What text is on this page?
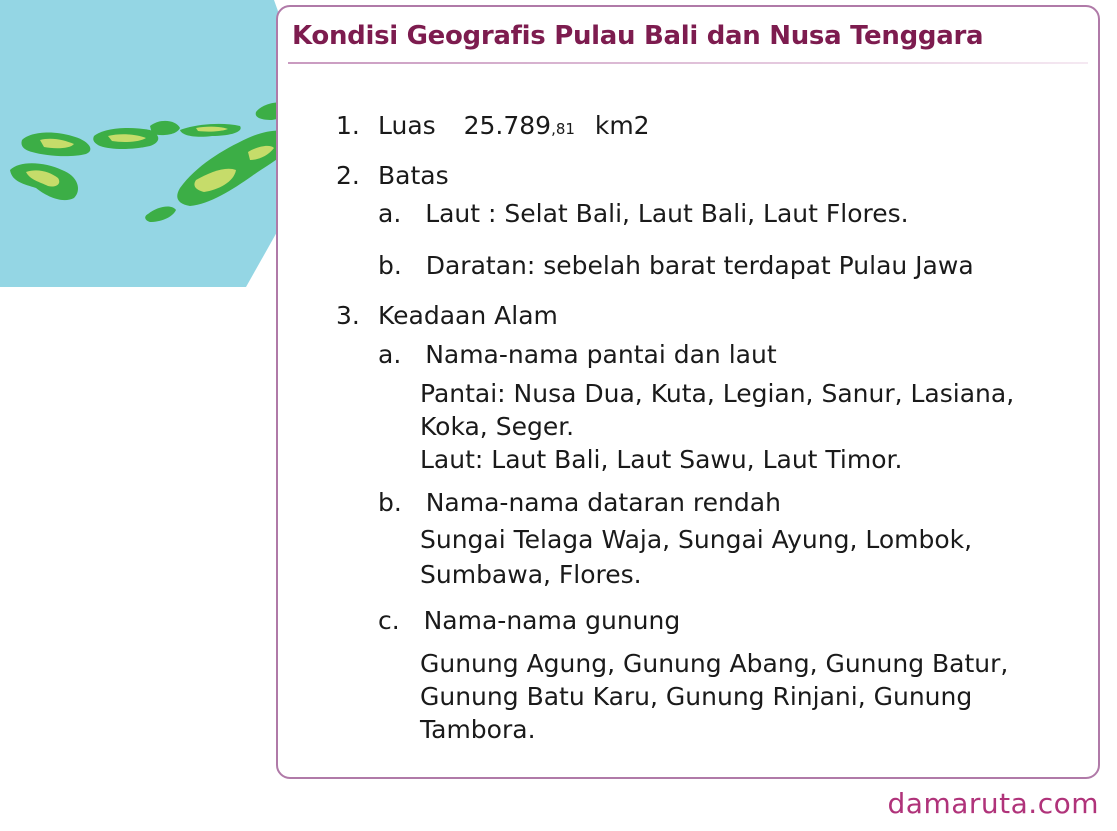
Kondisi Geografis Pulau Bali dan Nusa Tenggara
1. Luas 25.789,81 km2
2. Batas
a. Laut : Selat Bali, Laut Bali, Laut Flores.
b. Daratan: sebelah barat terdapat Pulau Jawa
3. Keadaan Alam
a. Nama-nama pantai dan laut
Pantai: Nusa Dua, Kuta, Legian, Sanur, Lasiana,
Koka, Seger.
Laut: Laut Bali, Laut Sawu, Laut Timor.
b. Nama-nama dataran rendah
Sungai Telaga Waja, Sungai Ayung, Lombok,
Sumbawa, Flores.
c. Nama-nama gunung
Gunung Agung, Gunung Abang, Gunung Batur,
Gunung Batu Karu, Gunung Rinjani, Gunung
Tambora.
damaruta.com
